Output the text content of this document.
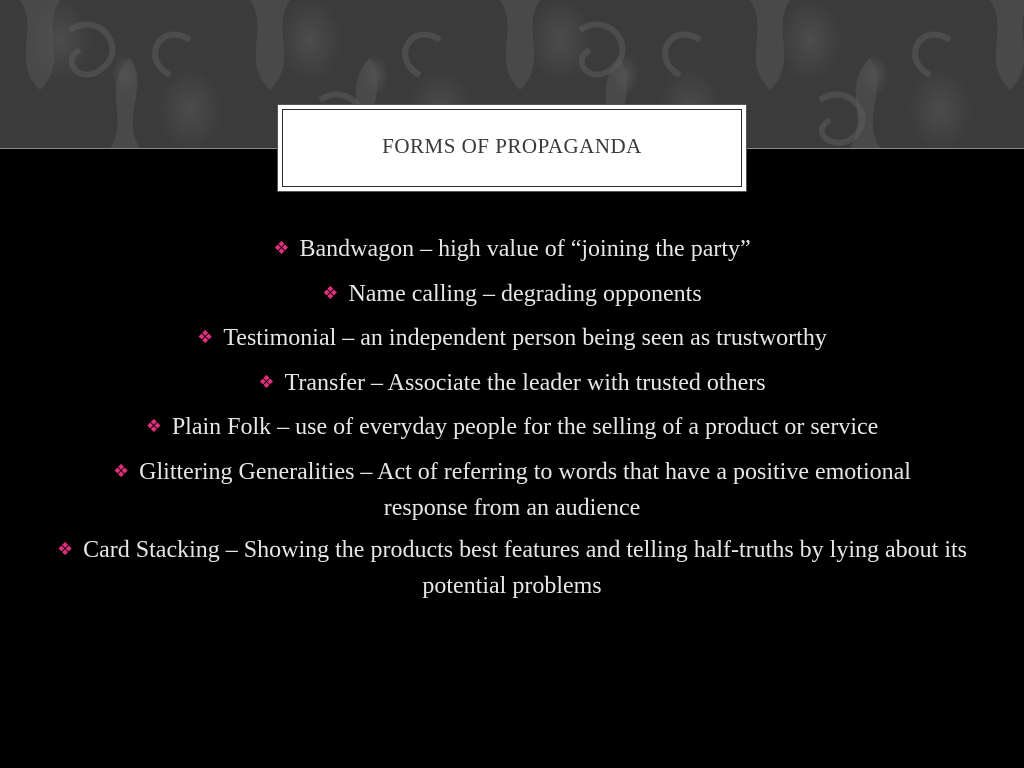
FORMS OF PROPAGANDA

❖ Bandwagon – high value of “joining the party”

❖ Name calling – degrading opponents

❖ Testimonial – an independent person being seen as trustworthy

❖ Transfer – Associate the leader with trusted others

❖ Plain Folk – use of everyday people for the selling of a product or service

❖ Glittering Generalities – Act of referring to words that have a positive emotional response from an audience

❖ Card Stacking – Showing the products best features and telling half-truths by lying about its potential problems
